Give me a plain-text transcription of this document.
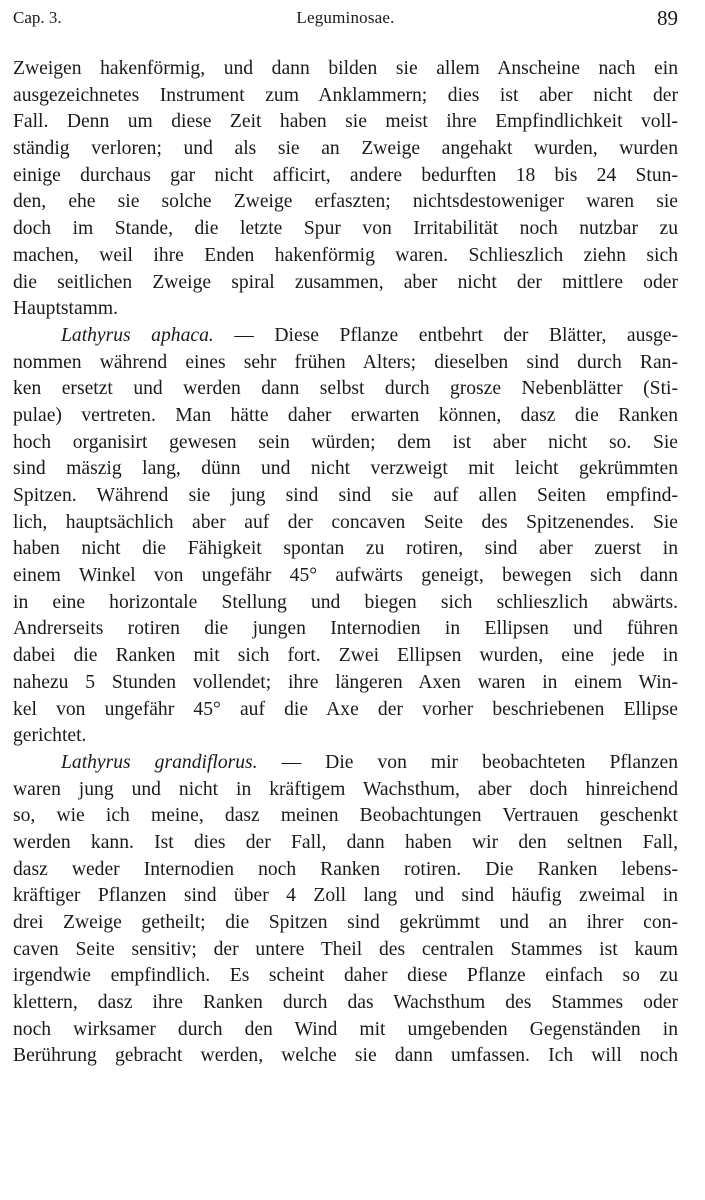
Cap. 3.	Leguminosae.	89
Zweigen hakenförmig, und dann bilden sie allem Anscheine nach ein
ausgezeichnetes Instrument zum Anklammern; dies ist aber nicht der
Fall. Denn um diese Zeit haben sie meist ihre Empfindlichkeit voll-
ständig verloren; und als sie an Zweige angehakt wurden, wurden
einige durchaus gar nicht afficirt, andere bedurften 18 bis 24 Stun-
den, ehe sie solche Zweige erfaszten; nichtsdestoweniger waren sie
doch im Stande, die letzte Spur von Irritabilität noch nutzbar zu
machen, weil ihre Enden hakenförmig waren. Schlieszlich ziehn sich
die seitlichen Zweige spiral zusammen, aber nicht der mittlere oder
Hauptstamm.
Lathyrus aphaca. — Diese Pflanze entbehrt der Blätter, ausge-
nommen während eines sehr frühen Alters; dieselben sind durch Ran-
ken ersetzt und werden dann selbst durch grosze Nebenblätter (Sti-
pulae) vertreten. Man hätte daher erwarten können, dasz die Ranken
hoch organisirt gewesen sein würden; dem ist aber nicht so. Sie
sind mäszig lang, dünn und nicht verzweigt mit leicht gekrümmten
Spitzen. Während sie jung sind sind sie auf allen Seiten empfind-
lich, hauptsächlich aber auf der concaven Seite des Spitzenendes. Sie
haben nicht die Fähigkeit spontan zu rotiren, sind aber zuerst in
einem Winkel von ungefähr 45° aufwärts geneigt, bewegen sich dann
in eine horizontale Stellung und biegen sich schlieszlich abwärts.
Andrerseits rotiren die jungen Internodien in Ellipsen und führen
dabei die Ranken mit sich fort. Zwei Ellipsen wurden, eine jede in
nahezu 5 Stunden vollendet; ihre längeren Axen waren in einem Win-
kel von ungefähr 45° auf die Axe der vorher beschriebenen Ellipse
gerichtet.
Lathyrus grandiflorus. — Die von mir beobachteten Pflanzen
waren jung und nicht in kräftigem Wachsthum, aber doch hinreichend
so, wie ich meine, dasz meinen Beobachtungen Vertrauen geschenkt
werden kann. Ist dies der Fall, dann haben wir den seltnen Fall,
dasz weder Internodien noch Ranken rotiren. Die Ranken lebens-
kräftiger Pflanzen sind über 4 Zoll lang und sind häufig zweimal in
drei Zweige getheilt; die Spitzen sind gekrümmt und an ihrer con-
caven Seite sensitiv; der untere Theil des centralen Stammes ist kaum
irgendwie empfindlich. Es scheint daher diese Pflanze einfach so zu
klettern, dasz ihre Ranken durch das Wachsthum des Stammes oder
noch wirksamer durch den Wind mit umgebenden Gegenständen in
Berührung gebracht werden, welche sie dann umfassen. Ich will noch
